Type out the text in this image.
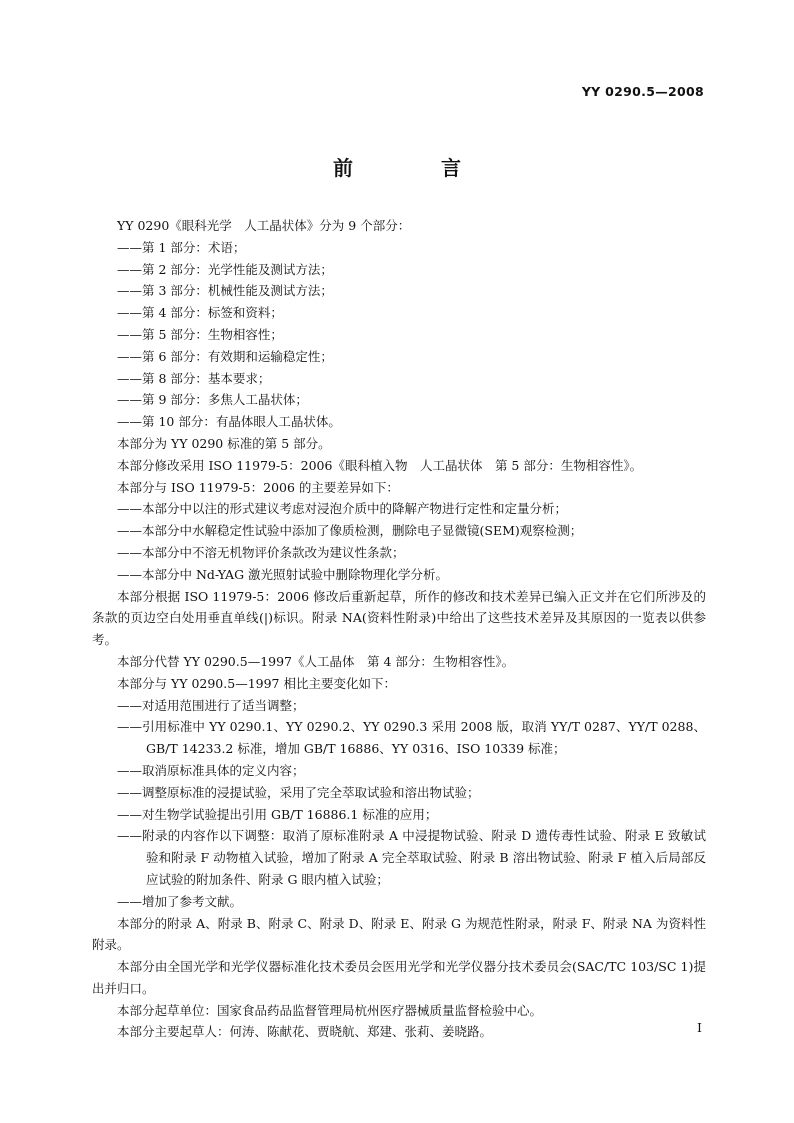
YY 0290.5—2008
前　言

YY 0290《眼科光学　人工晶状体》分为 9 个部分：

——第 1 部分：术语；

——第 2 部分：光学性能及测试方法；

——第 3 部分：机械性能及测试方法；

——第 4 部分：标签和资料；

——第 5 部分：生物相容性；

——第 6 部分：有效期和运输稳定性；

——第 8 部分：基本要求；

——第 9 部分：多焦人工晶状体；

——第 10 部分：有晶体眼人工晶状体。

本部分为 YY 0290 标准的第 5 部分。

本部分修改采用 ISO 11979-5：2006《眼科植入物　人工晶状体　第 5 部分：生物相容性》。

本部分与 ISO 11979-5：2006 的主要差异如下：

——本部分中以注的形式建议考虑对浸泡介质中的降解产物进行定性和定量分析；

——本部分中水解稳定性试验中添加了像质检测，删除电子显微镜(SEM)观察检测；

——本部分中不溶无机物评价条款改为建议性条款；

——本部分中 Nd-YAG 激光照射试验中删除物理化学分析。

本部分根据 ISO 11979-5：2006 修改后重新起草，所作的修改和技术差异已编入正文并在它们所涉及的条款的页边空白处用垂直单线(|)标识。附录 NA(资料性附录)中给出了这些技术差异及其原因的一览表以供参考。

本部分代替 YY 0290.5—1997《人工晶体　第 4 部分：生物相容性》。

本部分与 YY 0290.5—1997 相比主要变化如下：

——对适用范围进行了适当调整；

——引用标准中 YY 0290.1、YY 0290.2、YY 0290.3 采用 2008 版，取消 YY/T 0287、YY/T 0288、GB/T 14233.2 标准，增加 GB/T 16886、YY 0316、ISO 10339 标准；

——取消原标准具体的定义内容；

——调整原标准的浸提试验，采用了完全萃取试验和溶出物试验；

——对生物学试验提出引用 GB/T 16886.1 标准的应用；

——附录的内容作以下调整：取消了原标准附录 A 中浸提物试验、附录 D 遗传毒性试验、附录 E 致敏试验和附录 F 动物植入试验，增加了附录 A 完全萃取试验、附录 B 溶出物试验、附录 F 植入后局部反应试验的附加条件、附录 G 眼内植入试验；

——增加了参考文献。

本部分的附录 A、附录 B、附录 C、附录 D、附录 E、附录 G 为规范性附录，附录 F、附录 NA 为资料性附录。

本部分由全国光学和光学仪器标准化技术委员会医用光学和光学仪器分技术委员会(SAC/TC 103/SC 1)提出并归口。

本部分起草单位：国家食品药品监督管理局杭州医疗器械质量监督检验中心。

本部分主要起草人：何涛、陈献花、贾晓航、郑建、张莉、姜晓路。	I
